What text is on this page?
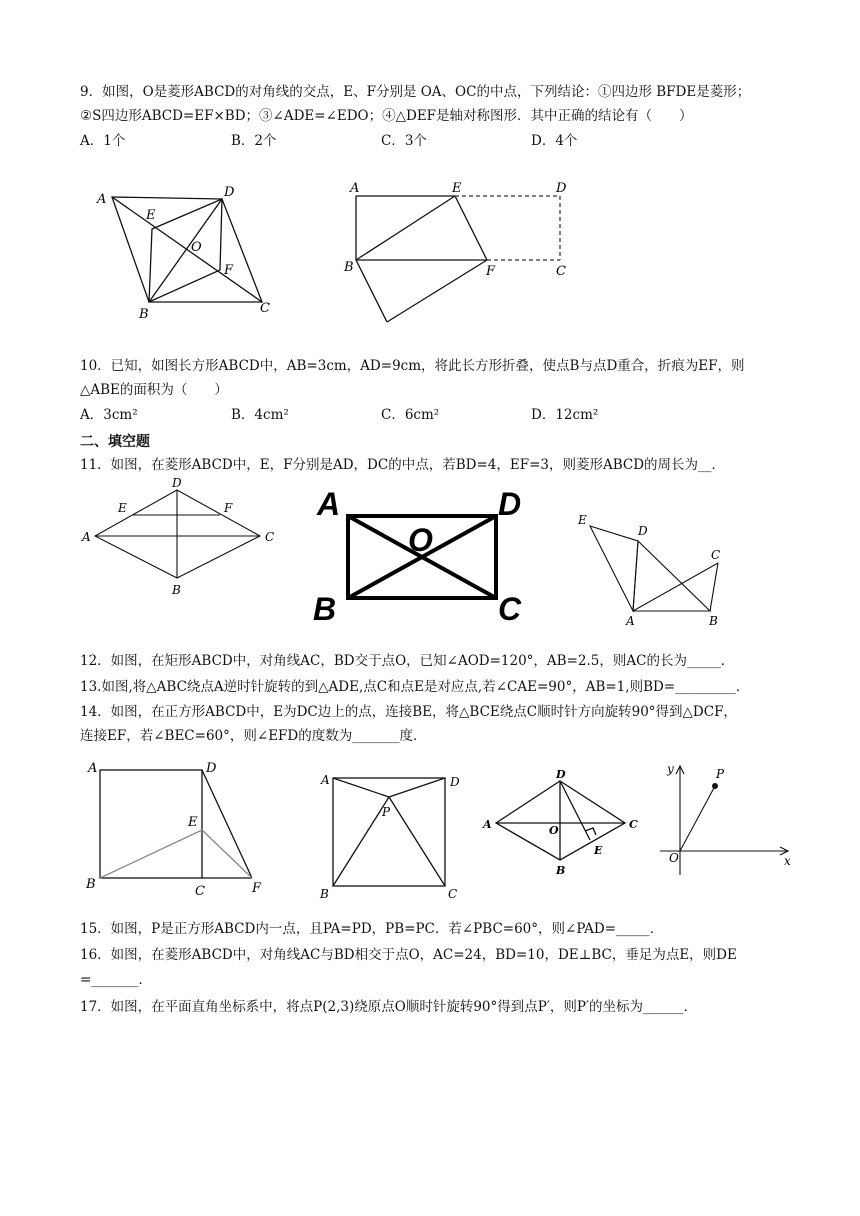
9．如图，O是菱形ABCD的对角线的交点，E、F分别是 OA、OC的中点，下列结论：①四边形 BFDE是菱形；
②S四边形ABCD=EF×BD；③∠ADE=∠EDO；④△DEF是轴对称图形．其中正确的结论有（　　）
A．1个	B．2个	C．3个	D．4个
A
E
D
O
F
B	C
A	E	D
B	F	C
10．已知，如图长方形ABCD中，AB=3cm，AD=9cm，将此长方形折叠，使点B与点D重合，折痕为EF，则
△ABE的面积为（　　）
A．3cm²	B．4cm²	C．6cm²	D．12cm²
二、填空题
11．如图，在菱形ABCD中，E，F分别是AD，DC的中点，若BD=4，EF=3，则菱形ABCD的周长为__．
D
E	F
A	C
B
A	D
O
B	C
E
D
C
A	B
12．如图，在矩形ABCD中，对角线AC，BD交于点O，已知∠AOD=120°，AB=2.5，则AC的长为_____．
13.如图,将△ABC绕点A逆时针旋转的到△ADE,点C和点E是对应点,若∠CAE=90°，AB=1,则BD=_________．
14．如图，在正方形ABCD中，E为DC边上的点，连接BE，将△BCE绕点C顺时针方向旋转90°得到△DCF，
连接EF，若∠BEC=60°，则∠EFD的度数为_______度．
A	D
E
B	C	F
A	D
P
B	C
D
A	O	C
E
B
y	P
O	x
15．如图，P是正方形ABCD内一点，且PA=PD，PB=PC．若∠PBC=60°，则∠PAD=_____．
16．如图，在菱形ABCD中，对角线AC与BD相交于点O，AC=24，BD=10，DE⊥BC，垂足为点E，则DE
=_______．
17．如图，在平面直角坐标系中，将点P(2,3)绕原点O顺时针旋转90°得到点P′，则P′的坐标为______．
